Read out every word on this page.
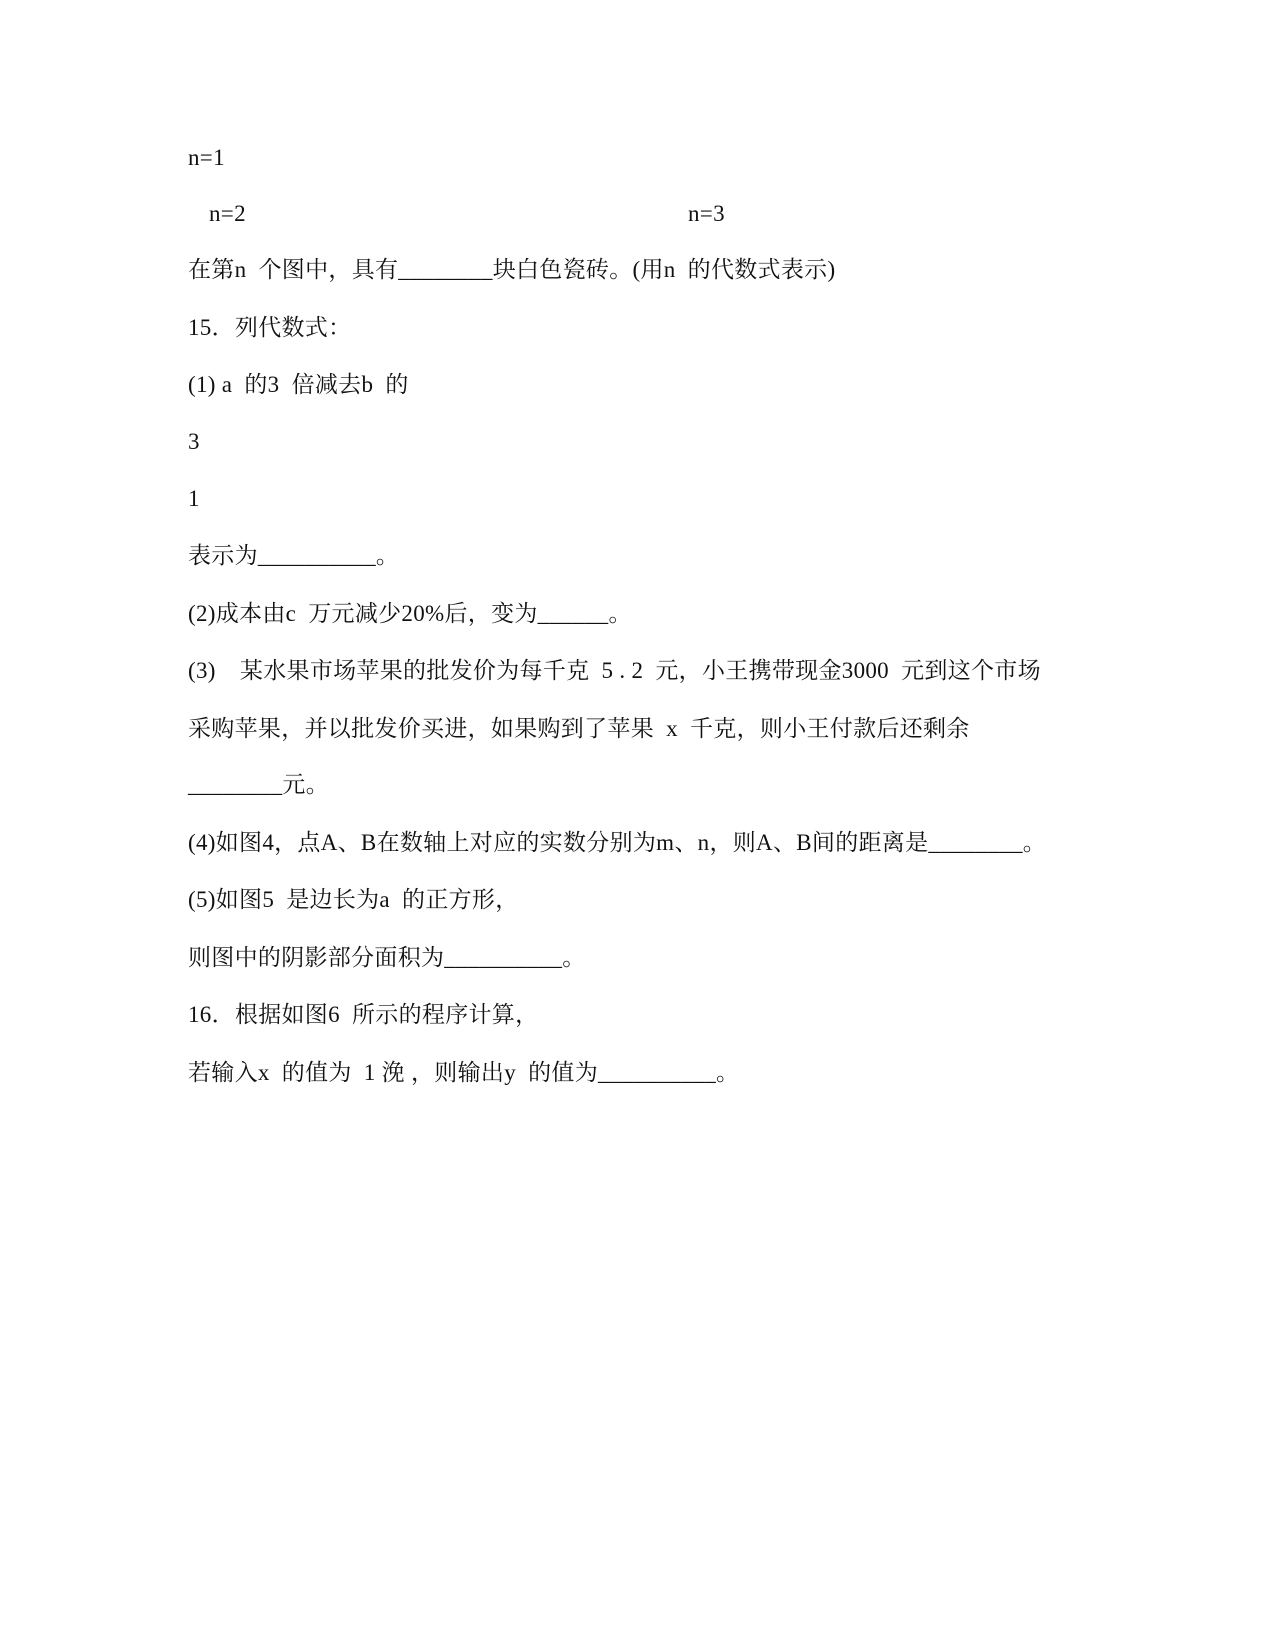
n=1
n=2	n=3
在第n  个图中，具有________块白色瓷砖。(用n  的代数式表示)
15．列代数式：
(1) a  的3  倍减去b  的
3
1
表示为__________。
(2)成本由c  万元减少20%后，变为______。
(3)    某水果市场苹果的批发价为每千克  5 . 2  元，小王携带现金3000  元到这个市场
采购苹果，并以批发价买进，如果购到了苹果  x  千克，则小王付款后还剩余
________元。
(4)如图4，点A、B在数轴上对应的实数分别为m、n，则A、B间的距离是________。
(5)如图5  是边长为a  的正方形，
则图中的阴影部分面积为__________。
16．根据如图6  所示的程序计算，
若输入x  的值为  1 浼 ，则输出y  的值为__________。
